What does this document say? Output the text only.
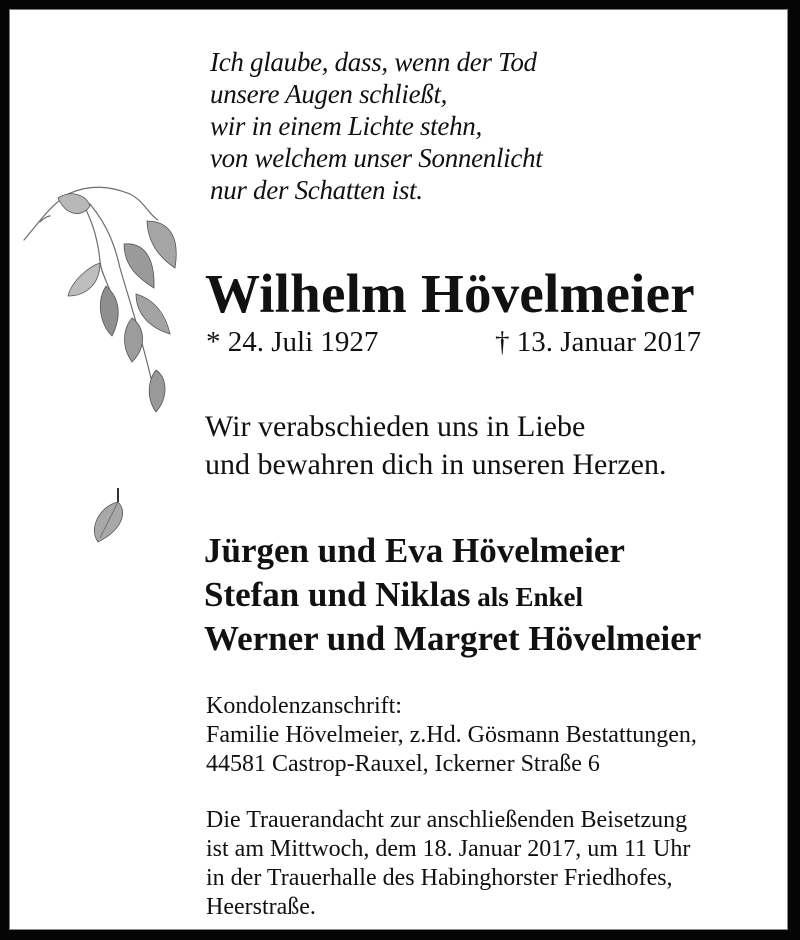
Ich glaube, dass, wenn der Tod
unsere Augen schließt,
wir in einem Lichte stehn,
von welchem unser Sonnenlicht
nur der Schatten ist.
Wilhelm Hövelmeier
* 24. Juli 1927	† 13. Januar 2017
Wir verabschieden uns in Liebe
und bewahren dich in unseren Herzen.
Jürgen und Eva Hövelmeier
Stefan und Niklas als Enkel
Werner und Margret Hövelmeier
Kondolenzanschrift:
Familie Hövelmeier, z.Hd. Gösmann Bestattungen,
44581 Castrop-Rauxel, Ickerner Straße 6
Die Trauerandacht zur anschließenden Beisetzung
ist am Mittwoch, dem 18. Januar 2017, um 11 Uhr
in der Trauerhalle des Habinghorster Friedhofes,
Heerstraße.
